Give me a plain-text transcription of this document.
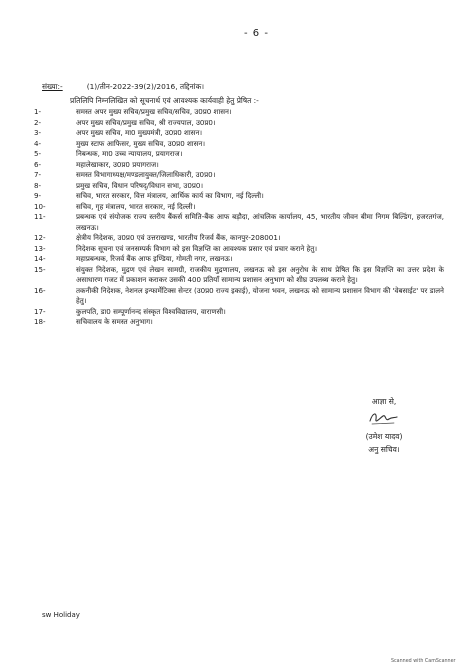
- 6 -
संख्या:-	(1)/तीन-2022-39(2)/2016, तद्दिनांक।
प्रतिलिपि निम्नलिखित को सूचनार्थ एवं आवश्यक कार्यवाही हेतु प्रेषित :-
1-	समस्त अपर मुख्य सचिव/प्रमुख सचिव/सचिव, उ0प्र0 शासन।
2-	अपर मुख्य सचिव/प्रमुख सचिव, श्री राज्यपाल, उ0प्र0।
3-	अपर मुख्य सचिव, मा0 मुख्यमंत्री, उ0प्र0 शासन।
4-	मुख्य स्टाफ आफिसर, मुख्य सचिव, उ0प्र0 शासन।
5-	निबन्धक, मा0 उच्च न्यायालय, प्रयागराज।
6-	महालेखाकार, उ0प्र0 प्रयागराज।
7-	समस्त विभागाध्यक्ष/मण्डलायुक्त/जिलाधिकारी, उ0प्र0।
8-	प्रमुख सचिव, विधान परिषद्/विधान सभा, उ0प्र0।
9-	सचिव, भारत सरकार, वित्त मंत्रालय, आर्थिक कार्य का विभाग, नई दिल्ली।
10-	सचिव, गृह मंत्रालय, भारत सरकार, नई दिल्ली।
11-	प्रबन्धक एवं संयोजक राज्य स्तरीय बैंकर्स समिति-बैंक आफ बड़ौदा, आंचलिक कार्यालय, 45, भारतीय जीवन बीमा निगम बिल्डिंग, हजरतगंज, लखनऊ।
12-	क्षेत्रीय निदेशक, उ0प्र0 एवं उत्तराखण्ड, भारतीय रिजर्व बैंक, कानपुर-208001।
13-	निदेशक सूचना एवं जनसम्पर्क विभाग को इस विज्ञप्ति का आवश्यक प्रसार एवं प्रचार कराने हेतु।
14-	महाप्रबन्धक, रिजर्व बैंक आफ इण्डिया, गोमती नगर, लखनऊ।
15-	संयुक्त निदेशक, मुद्रण एवं लेखन सामग्री, राजकीय मुद्रणालय, लखनऊ को इस अनुरोध के साथ प्रेषित कि इस विज्ञप्ति का उत्तर प्रदेश के असाधारण गजट में प्रकाशन कराकर उसकी 400 प्रतियाँ सामान्य प्रशासन अनुभाग को शीघ्र उपलब्ध कराने हेतु।
16-	तकनीकी निदेशक, नेशनल इन्फार्मेटिक्स सेन्टर (उ0प्र0 राज्य इकाई), योजना भवन, लखनऊ को सामान्य प्रशासन विभाग की 'वेबसाईट' पर डालने हेतु।
17-	कुलपति, डा0 सम्पूर्णानन्द संस्कृत विश्वविद्यालय, वाराणसी।
18-	सचिवालय के समस्त अनुभाग।
आज्ञा से,
(उमेश यादव)
अनु सचिव।
sw Holiday
Scanned with CamScanner
